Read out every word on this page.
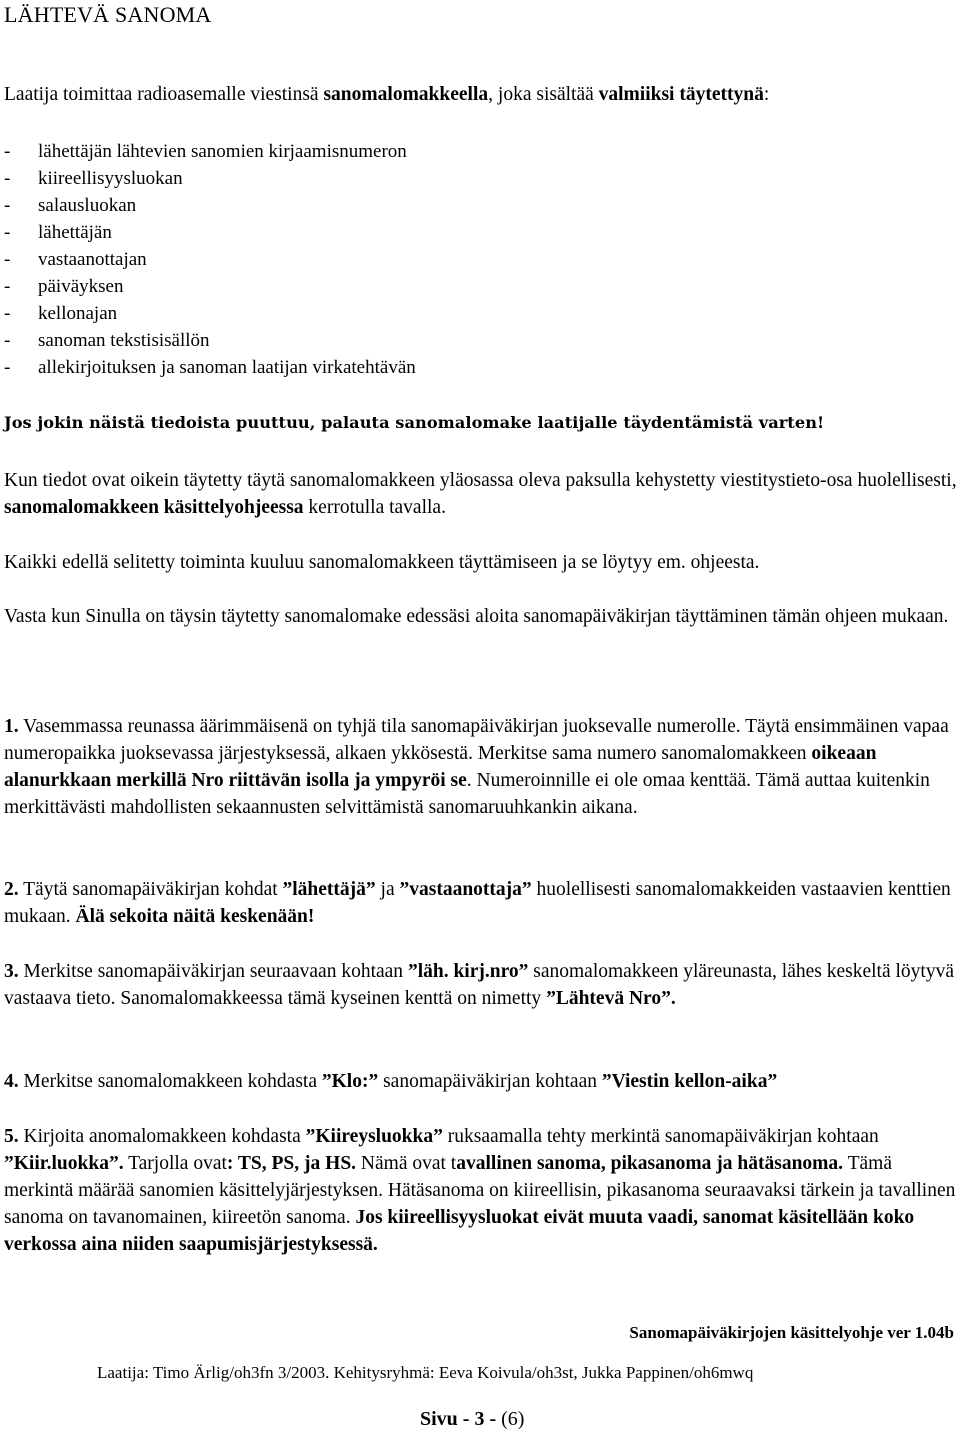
LÄHTEVÄ SANOMA

Laatija toimittaa radioasemalle viestinsä sanomalomakkeella, joka sisältää valmiiksi täytettynä:

- lähettäjän lähtevien sanomien kirjaamisnumeron
- kiireellisyysluokan
- salausluokan
- lähettäjän
- vastaanottajan
- päiväyksen
- kellonajan
- sanoman tekstisisällön
- allekirjoituksen ja sanoman laatijan virkatehtävän

Jos jokin näistä tiedoista puuttuu, palauta sanomalomake laatijalle täydentämistä varten!

Kun tiedot ovat oikein täytetty täytä sanomalomakkeen yläosassa oleva paksulla kehystetty viestitystieto-osa huolellisesti, sanomalomakkeen käsittelyohjeessa kerrotulla tavalla.

Kaikki edellä selitetty toiminta kuuluu sanomalomakkeen täyttämiseen ja se löytyy em. ohjeesta.

Vasta kun Sinulla on täysin täytetty sanomalomake edessäsi aloita sanomapäiväkirjan täyttäminen tämän ohjeen mukaan.

1. Vasemmassa reunassa äärimmäisenä on tyhjä tila sanomapäiväkirjan juoksevalle numerolle. Täytä ensimmäinen vapaa numeropaikka juoksevassa järjestyksessä, alkaen ykkösestä. Merkitse sama numero sanomalomakkeen oikeaan alanurkkaan merkillä Nro riittävän isolla ja ympyröi se. Numeroinnille ei ole omaa kenttää. Tämä auttaa kuitenkin merkittävästi mahdollisten sekaannusten selvittämistä sanomaruuhkankin aikana.

2. Täytä sanomapäiväkirjan kohdat ”lähettäjä” ja ”vastaanottaja” huolellisesti sanomalomakkeiden vastaavien kenttien mukaan. Älä sekoita näitä keskenään!

3. Merkitse sanomapäiväkirjan seuraavaan kohtaan ”läh. kirj.nro” sanomalomakkeen yläreunasta, lähes keskeltä löytyvä vastaava tieto. Sanomalomakkeessa tämä kyseinen kenttä on nimetty ”Lähtevä Nro”.

4. Merkitse sanomalomakkeen kohdasta ”Klo:” sanomapäiväkirjan kohtaan ”Viestin kellon-aika”

5. Kirjoita anomalomakkeen kohdasta ”Kiireysluokka” ruksaamalla tehty merkintä sanomapäiväkirjan kohtaan ”Kiir.luokka”. Tarjolla ovat: TS, PS, ja HS. Nämä ovat tavallinen sanoma, pikasanoma ja hätäsanoma. Tämä merkintä määrää sanomien käsittelyjärjestyksen. Hätäsanoma on kiireellisin, pikasanoma seuraavaksi tärkein ja tavallinen sanoma on tavanomainen, kiireetön sanoma. Jos kiireellisyysluokat eivät muuta vaadi, sanomat käsitellään koko verkossa aina niiden saapumisjärjestyksessä.

Sanomapäiväkirjojen käsittelyohje ver 1.04b

Laatija: Timo Ärlig/oh3fn 3/2003. Kehitysryhmä: Eeva Koivula/oh3st, Jukka Pappinen/oh6mwq

Sivu - 3 - (6)
